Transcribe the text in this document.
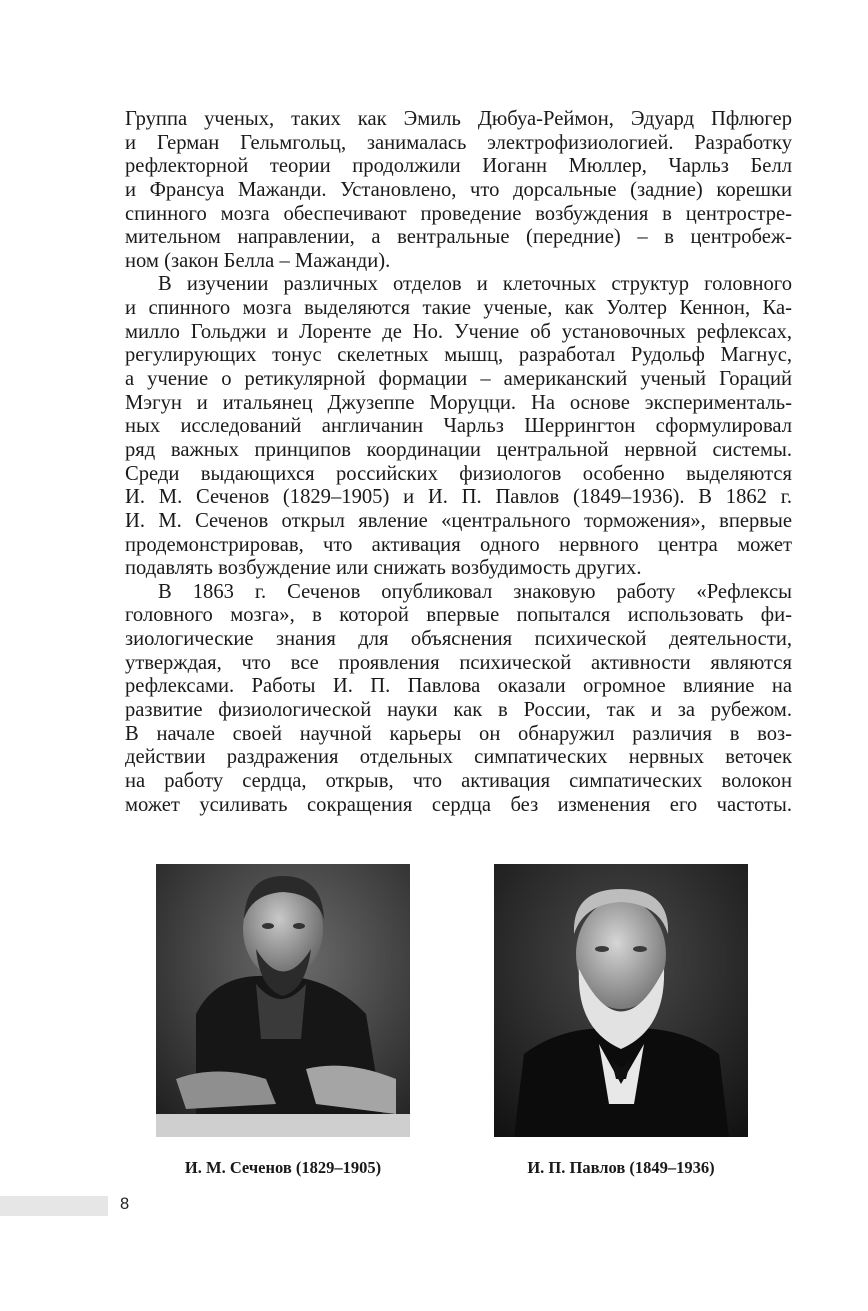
Группа ученых, таких как Эмиль Дюбуа-Реймон, Эдуард Пфлюгер
и Герман Гельмгольц, занималась электрофизиологией. Разработку
рефлекторной теории продолжили Иоганн Мюллер, Чарльз Белл
и Франсуа Мажанди. Установлено, что дорсальные (задние) корешки
спинного мозга обеспечивают проведение возбуждения в центростре-
мительном направлении, а вентральные (передние) – в центробеж-
ном (закон Белла – Мажанди).
В изучении различных отделов и клеточных структур головного
и спинного мозга выделяются такие ученые, как Уолтер Кеннон, Ка-
милло Гольджи и Лоренте де Но. Учение об установочных рефлексах,
регулирующих тонус скелетных мышц, разработал Рудольф Магнус,
а учение о ретикулярной формации – американский ученый Гораций
Мэгун и итальянец Джузеппе Моруцци. На основе эксперименталь-
ных исследований англичанин Чарльз Шеррингтон сформулировал
ряд важных принципов координации центральной нервной системы.
Среди выдающихся российских физиологов особенно выделяются
И. М. Сеченов (1829–1905) и И. П. Павлов (1849–1936). В 1862 г.
И. М. Сеченов открыл явление «центрального торможения», впервые
продемонстрировав, что активация одного нервного центра может
подавлять возбуждение или снижать возбудимость других.
В 1863 г. Сеченов опубликовал знаковую работу «Рефлексы
головного мозга», в которой впервые попытался использовать фи-
зиологические знания для объяснения психической деятельности,
утверждая, что все проявления психической активности являются
рефлексами. Работы И. П. Павлова оказали огромное влияние на
развитие физиологической науки как в России, так и за рубежом.
В начале своей научной карьеры он обнаружил различия в воз-
действии раздражения отдельных симпатических нервных веточек
на работу сердца, открыв, что активация симпатических волокон
может усиливать сокращения сердца без изменения его частоты.
И. М. Сеченов (1829–1905)	И. П. Павлов (1849–1936)
8
